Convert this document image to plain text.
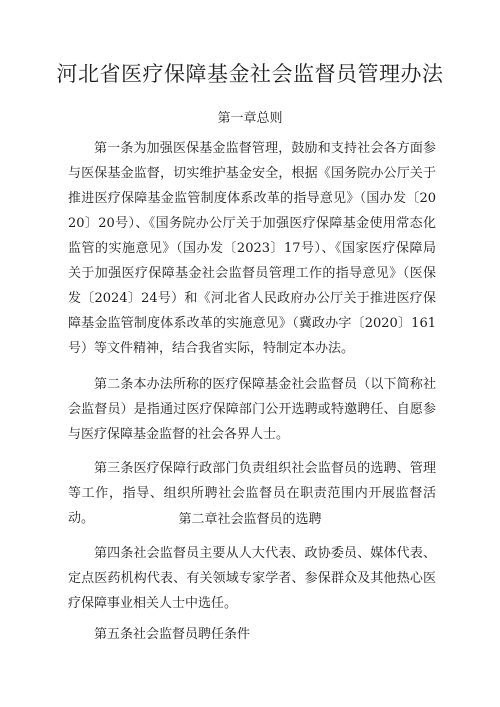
河北省医疗保障基金社会监督员管理办法
第一章总则
第一条为加强医保基金监督管理，鼓励和支持社会各方面参与医保基金监督，切实维护基金安全，根据《国务院办公厅关于推进医疗保障基金监管制度体系改革的指导意见》（国办发〔2020〕20号）、《国务院办公厅关于加强医疗保障基金使用常态化监管的实施意见》（国办发〔2023〕17号）、《国家医疗保障局关于加强医疗保障基金社会监督员管理工作的指导意见》（医保发〔2024〕24号）和《河北省人民政府办公厅关于推进医疗保障基金监管制度体系改革的实施意见》（冀政办字〔2020〕161号）等文件精神，结合我省实际，特制定本办法。
第二条本办法所称的医疗保障基金社会监督员（以下简称社会监督员）是指通过医疗保障部门公开选聘或特邀聘任、自愿参与医疗保障基金监督的社会各界人士。
第三条医疗保障行政部门负责组织社会监督员的选聘、管理等工作，指导、组织所聘社会监督员在职责范围内开展监督活动。	第二章社会监督员的选聘
第四条社会监督员主要从人大代表、政协委员、媒体代表、定点医药机构代表、有关领域专家学者、参保群众及其他热心医疗保障事业相关人士中选任。
第五条社会监督员聘任条件
